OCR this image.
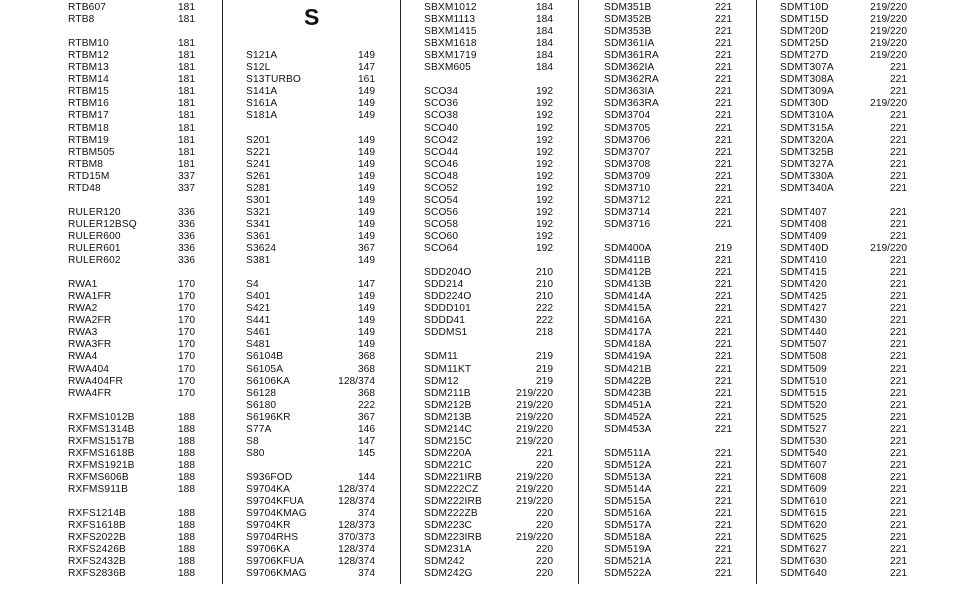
RTB607	181
RTB8	181
RTBM10	181
RTBM12	181
RTBM13	181
RTBM14	181
RTBM15	181
RTBM16	181
RTBM17	181
RTBM18	181
RTBM19	181
RTBM505	181
RTBM8	181
RTD15M	337
RTD48	337
RULER120	336
RULER12BSQ	336
RULER600	336
RULER601	336
RULER602	336
RWA1	170
RWA1FR	170
RWA2	170
RWA2FR	170
RWA3	170
RWA3FR	170
RWA4	170
RWA404	170
RWA404FR	170
RWA4FR	170
RXFMS1012B	188
RXFMS1314B	188
RXFMS1517B	188
RXFMS1618B	188
RXFMS1921B	188
RXFMS606B	188
RXFMS911B	188
RXFS1214B	188
RXFS1618B	188
RXFS2022B	188
RXFS2426B	188
RXFS2432B	188
RXFS2836B	188
S
S121A	149
S12L	147
S13TURBO	161
S141A	149
S161A	149
S181A	149
S201	149
S221	149
S241	149
S261	149
S281	149
S301	149
S321	149
S341	149
S361	149
S3624	367
S381	149
S4	147
S401	149
S421	149
S441	149
S461	149
S481	149
S6104B	368
S6105A	368
S6106KA	128/374
S6128	368
S6180	222
S6196KR	367
S77A	146
S8	147
S80	145
S936FOD	144
S9704KA	128/374
S9704KFUA	128/374
S9704KMAG	374
S9704KR	128/373
S9704RHS	370/373
S9706KA	128/374
S9706KFUA	128/374
S9706KMAG	374
SBXM1012	184
SBXM1113	184
SBXM1415	184
SBXM1618	184
SBXM1719	184
SBXM605	184
SCO34	192
SCO36	192
SCO38	192
SCO40	192
SCO42	192
SCO44	192
SCO46	192
SCO48	192
SCO52	192
SCO54	192
SCO56	192
SCO58	192
SCO60	192
SCO64	192
SDD204O	210
SDD214	210
SDD224O	210
SDDD101	222
SDDD41	222
SDDMS1	218
SDM11	219
SDM11KT	219
SDM12	219
SDM211B	219/220
SDM212B	219/220
SDM213B	219/220
SDM214C	219/220
SDM215C	219/220
SDM220A	221
SDM221C	220
SDM221IRB	219/220
SDM222CZ	219/220
SDM222IRB	219/220
SDM222ZB	220
SDM223C	220
SDM223IRB	219/220
SDM231A	220
SDM242	220
SDM242G	220
SDM351B	221
SDM352B	221
SDM353B	221
SDM361IA	221
SDM361RA	221
SDM362IA	221
SDM362RA	221
SDM363IA	221
SDM363RA	221
SDM3704	221
SDM3705	221
SDM3706	221
SDM3707	221
SDM3708	221
SDM3709	221
SDM3710	221
SDM3712	221
SDM3714	221
SDM3716	221
SDM400A	219
SDM411B	221
SDM412B	221
SDM413B	221
SDM414A	221
SDM415A	221
SDM416A	221
SDM417A	221
SDM418A	221
SDM419A	221
SDM421B	221
SDM422B	221
SDM423B	221
SDM451A	221
SDM452A	221
SDM453A	221
SDM511A	221
SDM512A	221
SDM513A	221
SDM514A	221
SDM515A	221
SDM516A	221
SDM517A	221
SDM518A	221
SDM519A	221
SDM521A	221
SDM522A	221
SDMT10D	219/220
SDMT15D	219/220
SDMT20D	219/220
SDMT25D	219/220
SDMT27D	219/220
SDMT307A	221
SDMT308A	221
SDMT309A	221
SDMT30D	219/220
SDMT310A	221
SDMT315A	221
SDMT320A	221
SDMT325B	221
SDMT327A	221
SDMT330A	221
SDMT340A	221
SDMT407	221
SDMT408	221
SDMT409	221
SDMT40D	219/220
SDMT410	221
SDMT415	221
SDMT420	221
SDMT425	221
SDMT427	221
SDMT430	221
SDMT440	221
SDMT507	221
SDMT508	221
SDMT509	221
SDMT510	221
SDMT515	221
SDMT520	221
SDMT525	221
SDMT527	221
SDMT530	221
SDMT540	221
SDMT607	221
SDMT608	221
SDMT609	221
SDMT610	221
SDMT615	221
SDMT620	221
SDMT625	221
SDMT627	221
SDMT630	221
SDMT640	221
